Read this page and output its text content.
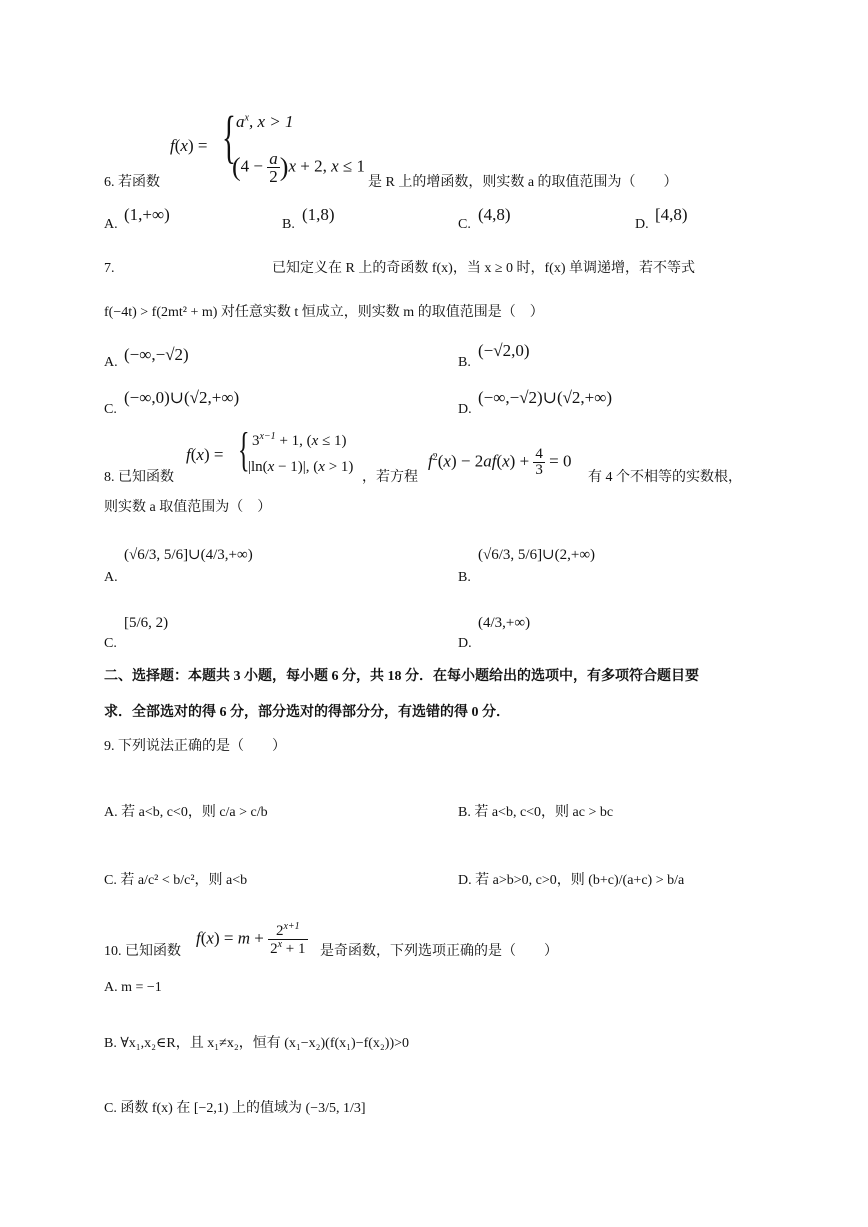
f(x) = { $a^x$, x > 1
$(4 - \frac{a}{2} )x + 2$, x ≤ 1
6. 若函数	是 R 上的增函数，则实数 a 的取值范围为（　　）
A.
(1,+∞)
B.
(1,8)
C.
(4,8)
D.
[4,8)
7.	已知定义在 R 上的奇函数 f(x)，当 x ≥ 0 时，f(x) 单调递增，若不等式
f(−4t) > f(2mt² + m) 对任意实数 t 恒成立，则实数 m 的取值范围是（　）
A. (−∞,−√2)	B.
(−√2,0)
C.
(−∞,0)∪(√2,+∞)
D.
(−∞,−√2)∪(√2,+∞)
f(x) = { $3^{x-1} + 1$, (x ≤ 1)
|ln(x − 1)|, (x > 1)
8. 已知函数	，若方程
$f^2(x) - 2af(x) + \frac{4}{3} = 0$
有 4 个不相等的实数根，
则实数 a 取值范围为（　）
A.
(√6/3, 5/6]∪(4/3,+∞)
B.
(√6/3, 5/6]∪(2,+∞)
C.
[5/6, 2)
D.
(4/3,+∞)
二、选择题：本题共 3 小题，每小题 6 分，共 18 分．在每小题给出的选项中，有多项符合题目要
求．全部选对的得 6 分，部分选对的得部分分，有选错的得 0 分．
9. 下列说法正确的是（　　）
A. 若 a<b, c<0，则 c/a > c/b	B. 若 a<b, c<0，则 ac > bc
C. 若 a/c² < b/c²，则 a<b	D. 若 a>b>0, c>0，则 (b+c)/(a+c) > b/a
10. 已知函数
$f(x) = m + \frac{2^{x+1}}{2^x + 1}$ 是奇函数，下列选项正确的是（　　）
A. m = −1
B. ∀x₁,x₂∈R，且 x₁≠x₂，恒有 (x₁−x₂)(f(x₁)−f(x₂))>0
C. 函数 f(x) 在 [−2,1) 上的值域为 (−3/5, 1/3]
